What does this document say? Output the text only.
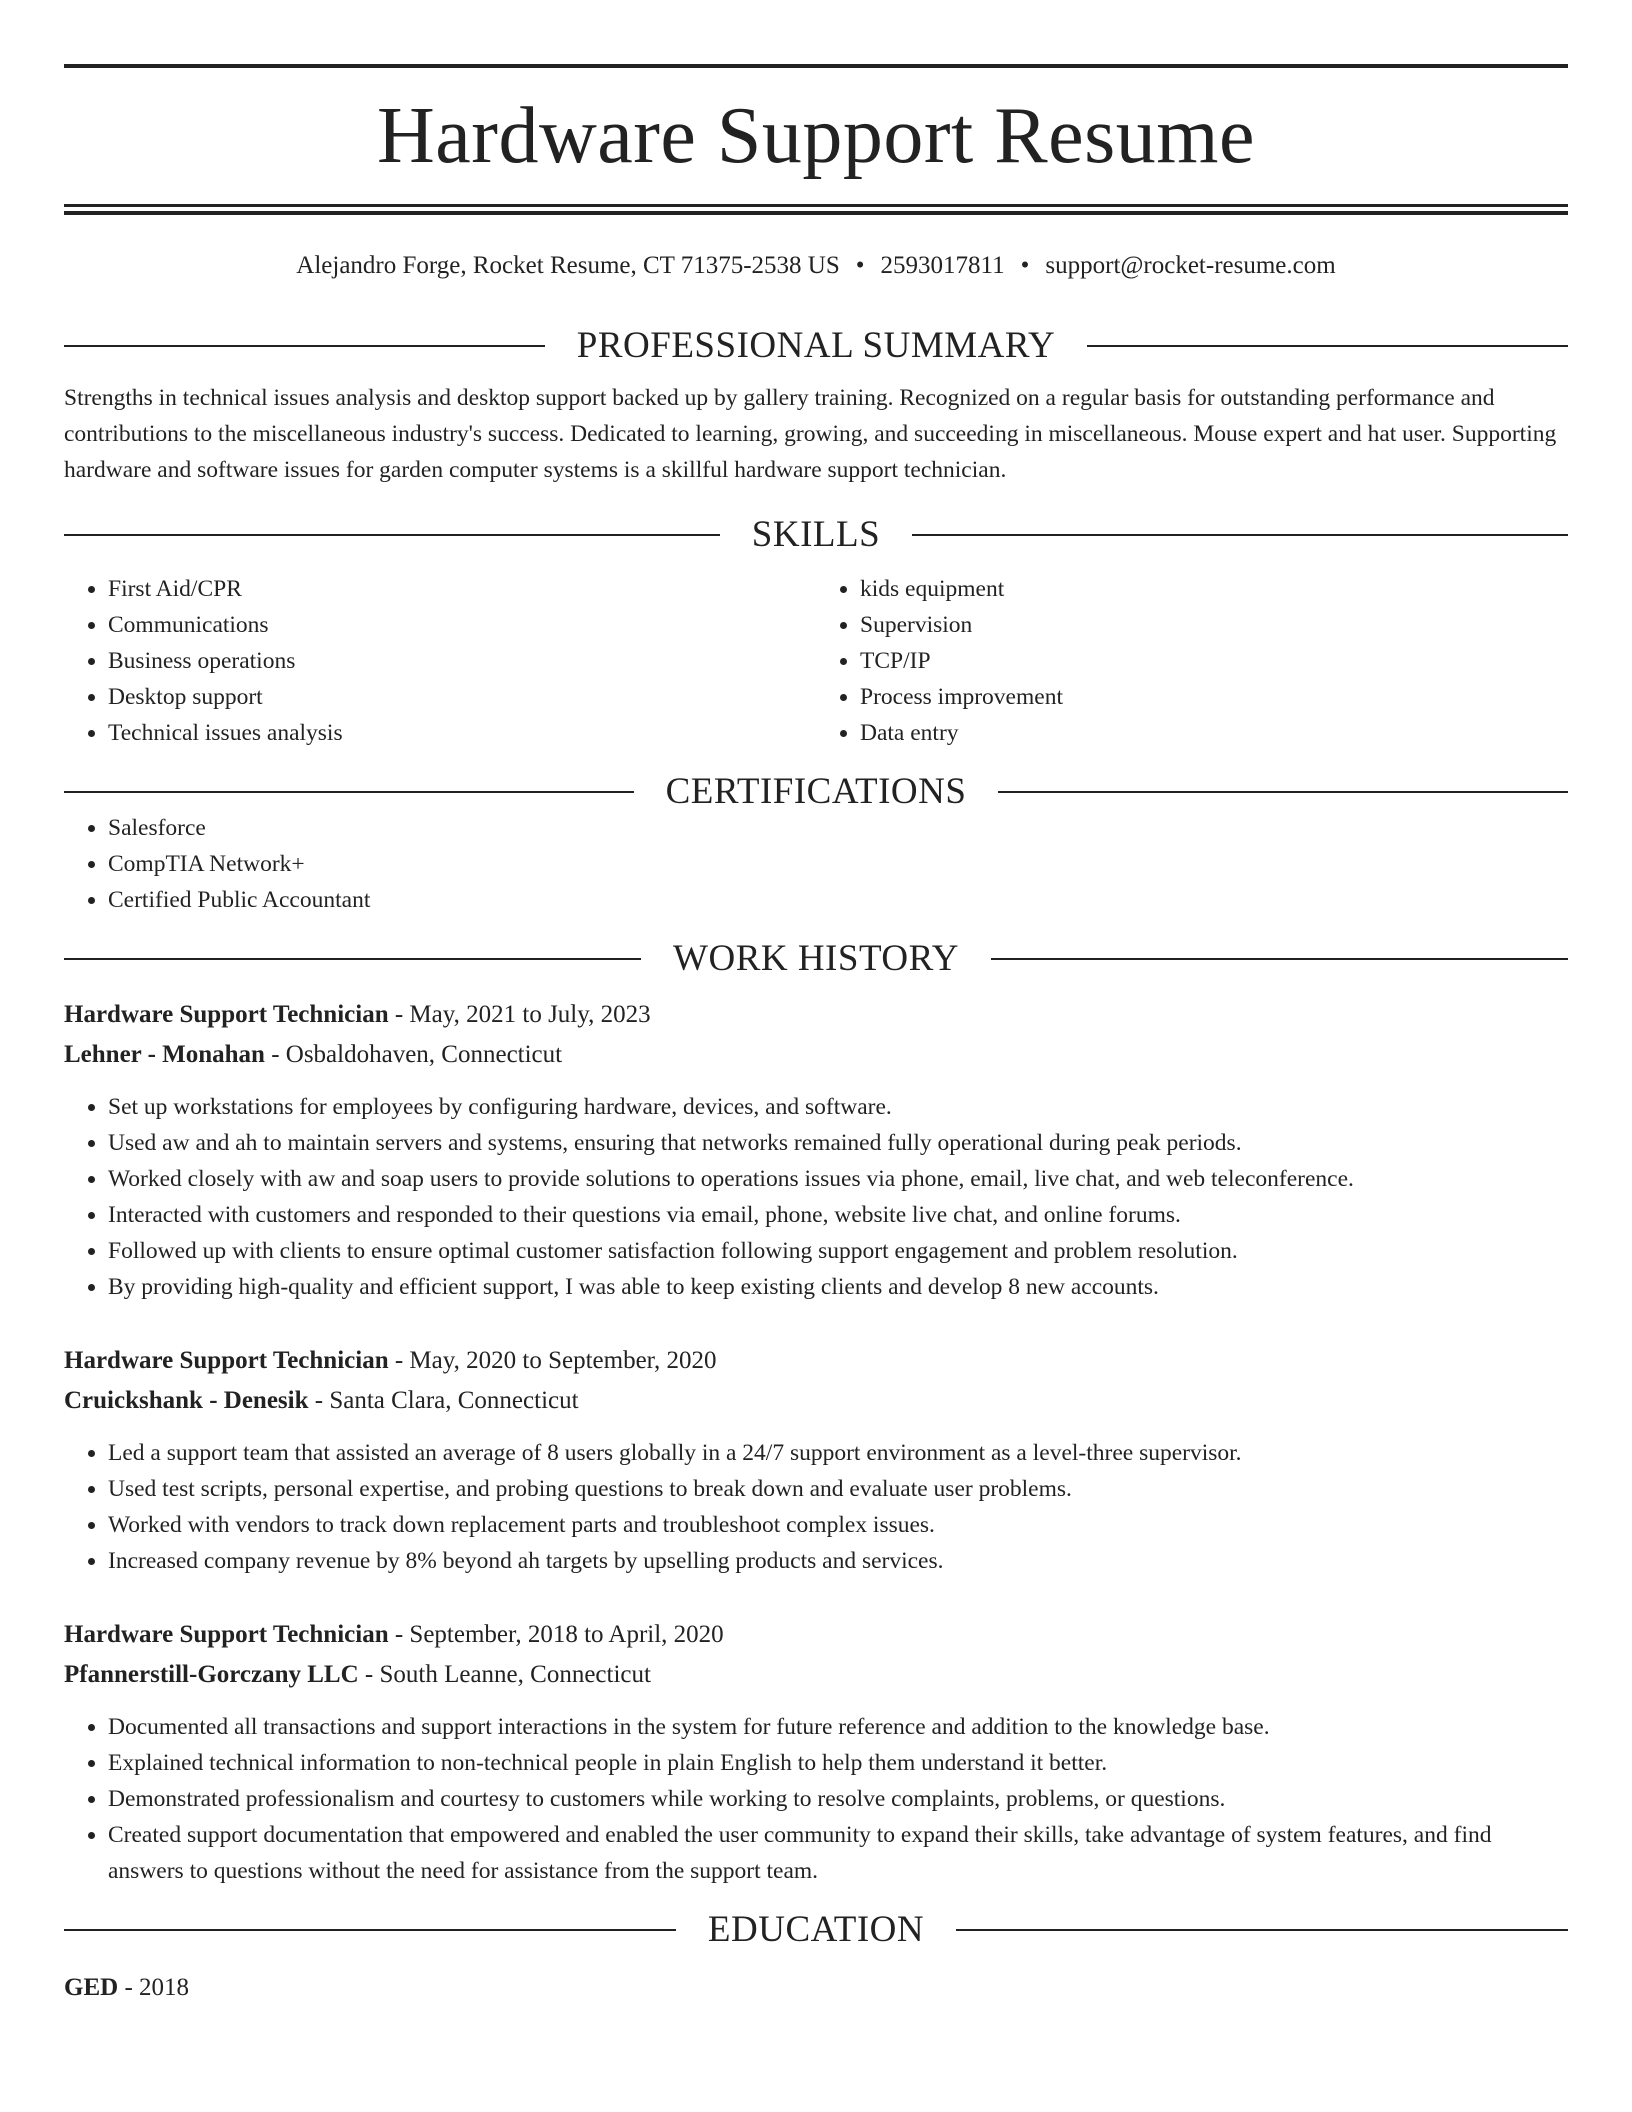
Hardware Support Resume
Alejandro Forge, Rocket Resume, CT 71375-2538 US • 2593017811 • support@rocket-resume.com
PROFESSIONAL SUMMARY

Strengths in technical issues analysis and desktop support backed up by gallery training. Recognized on a regular basis for outstanding performance and contributions to the miscellaneous industry's success. Dedicated to learning, growing, and succeeding in miscellaneous. Mouse expert and hat user. Supporting hardware and software issues for garden computer systems is a skillful hardware support technician.

SKILLS
• First Aid/CPR
• Communications
• Business operations
• Desktop support
• Technical issues analysis
• kids equipment
• Supervision
• TCP/IP
• Process improvement
• Data entry
CERTIFICATIONS
• Salesforce
• CompTIA Network+
• Certified Public Accountant
WORK HISTORY

Hardware Support Technician - May, 2021 to July, 2023

Lehner - Monahan - Osbaldohaven, Connecticut

• Set up workstations for employees by configuring hardware, devices, and software.
• Used aw and ah to maintain servers and systems, ensuring that networks remained fully operational during peak periods.
• Worked closely with aw and soap users to provide solutions to operations issues via phone, email, live chat, and web teleconference.
• Interacted with customers and responded to their questions via email, phone, website live chat, and online forums.
• Followed up with clients to ensure optimal customer satisfaction following support engagement and problem resolution.
• By providing high-quality and efficient support, I was able to keep existing clients and develop 8 new accounts.

Hardware Support Technician - May, 2020 to September, 2020

Cruickshank - Denesik - Santa Clara, Connecticut

• Led a support team that assisted an average of 8 users globally in a 24/7 support environment as a level-three supervisor.
• Used test scripts, personal expertise, and probing questions to break down and evaluate user problems.
• Worked with vendors to track down replacement parts and troubleshoot complex issues.
• Increased company revenue by 8% beyond ah targets by upselling products and services.

Hardware Support Technician - September, 2018 to April, 2020

Pfannerstill-Gorczany LLC - South Leanne, Connecticut

• Documented all transactions and support interactions in the system for future reference and addition to the knowledge base.
• Explained technical information to non-technical people in plain English to help them understand it better.
• Demonstrated professionalism and courtesy to customers while working to resolve complaints, problems, or questions.
• Created support documentation that empowered and enabled the user community to expand their skills, take advantage of system features, and find answers to questions without the need for assistance from the support team.
EDUCATION

GED - 2018
